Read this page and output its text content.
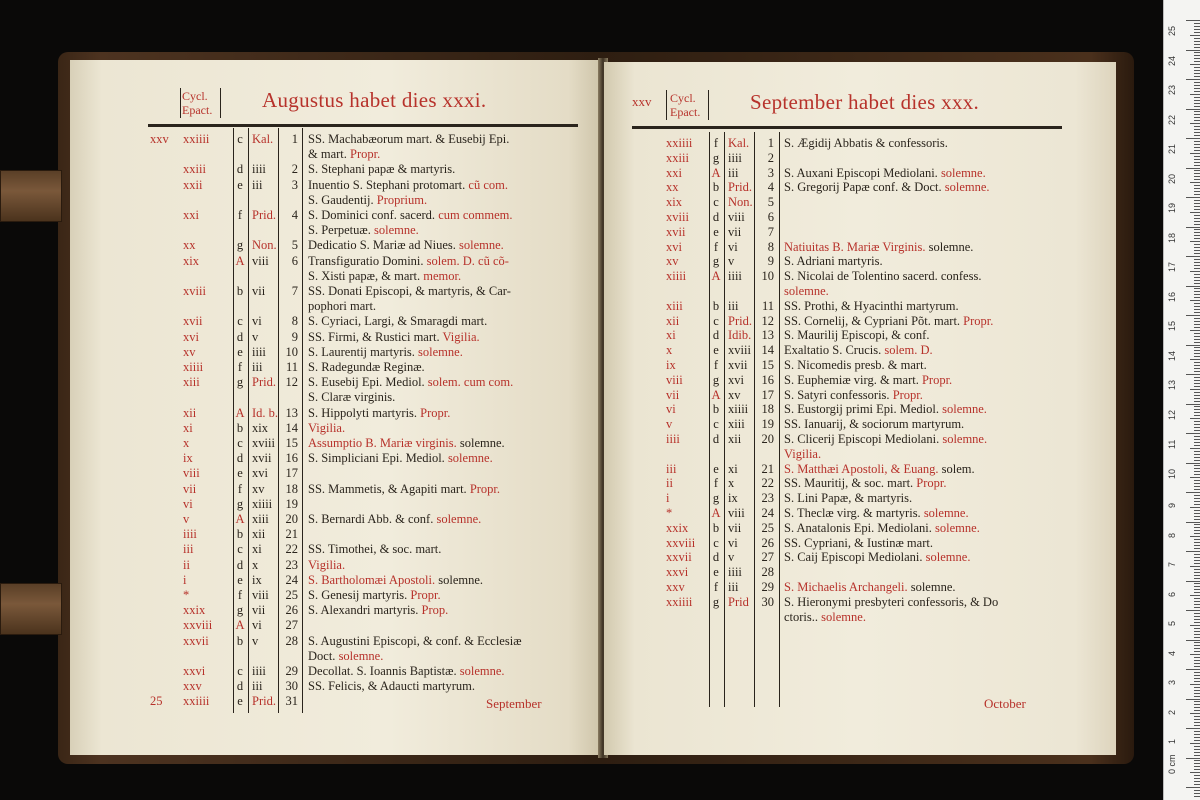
Cycl.
Epact. Augustus habet dies xxxi.
xxv xxiiii c Kal.	1 SS. Machabæorum mart. & Eusebij Epi.
& mart. Propr.
xxiii d iiii	2 S. Stephani papæ & martyris.
xxii	e iii	3 Inuentio S. Stephani protomart. cũ com.
S. Gaudentij. Proprium.
xxi	f Prid.	4 S. Dominici conf. sacerd. cum commem.
S. Perpetuæ. solemne.
xx	g Non.	5 Dedicatio S. Mariæ ad Niues. solemne.
xix	A viii	6 Transfiguratio Domini. solem. D. cũ cõ-
S. Xisti papæ, & mart. memor.
xviii b vii	7 SS. Donati Episcopi, & martyris, & Car-
pophori mart.
xvii	c vi	8 S. Cyriaci, Largi, & Smaragdi mart.
xvi	d v	9 SS. Firmi, & Rustici mart. Vigilia.
xv	e iiii 10 S. Laurentij martyris. solemne.
xiiii	f iii 11 S. Radegundæ Reginæ.
xiii	g Prid. 12 S. Eusebij Epi. Mediol. solem. cum com.
S. Claræ virginis.
xii	A Id. b. 13 S. Hippolyti martyris. Propr.
xi	b xix 14 Vigilia.
x	c xviii 15 Assumptio B. Mariæ virginis. solemne.
ix	d xvii 16 S. Simpliciani Epi. Mediol. solemne.
viii	e xvi 17
vii	f xv 18 SS. Mammetis, & Agapiti mart. Propr.
vi	g xiiii 19
v	A xiii 20 S. Bernardi Abb. & conf. solemne.
iiii	b xii 21
iii	c xi 22 SS. Timothei, & soc. mart.
ii	d x 23 Vigilia.
i	e ix 24 S. Bartholomæi Apostoli. solemne.
*	f viii 25 S. Genesij martyris. Propr.
xxix	g vii 26 S. Alexandri martyris. Prop.
xxviii A vi 27
xxvii b v 28 S. Augustini Episcopi, & conf. & Ecclesiæ
Doct. solemne.
xxvi	c iiii 29 Decollat. S. Ioannis Baptistæ. solemne.
xxv	d iii 30 SS. Felicis, & Adaucti martyrum.
25 xxiiii e Prid. 31	September
xxv Cycl.
Epact. September habet dies xxx.
xxiiii	f Kal.	1 S. Ægidij Abbatis & confessoris.
xxiii g iiii	2
xxi A iii	3 S. Auxani Episcopi Mediolani. solemne.
xx	b Prid.	4 S. Gregorij Papæ conf. & Doct. solemne.
xix c Non.	5
xviii d viii	6
xvii e vii	7
xvi	f vi	8 Natiuitas B. Mariæ Virginis. solemne.
xv	g v	9 S. Adriani martyris.
xiiii A iiii 10 S. Nicolai de Tolentino sacerd. confess.
solemne.
xiii b iii 11 SS. Prothi, & Hyacinthi martyrum.
xii	c Prid. 12 SS. Cornelij, & Cypriani Põt. mart. Propr.
xi	d Idib. 13 S. Maurilij Episcopi, & conf.
x	e xviii 14 Exaltatio S. Crucis. solem. D.
ix	f xvii 15 S. Nicomedis presb. & mart.
viii g xvi 16 S. Euphemiæ virg. & mart. Propr.
vii	A xv 17 S. Satyri confessoris. Propr.
vi	b xiiii 18 S. Eustorgij primi Epi. Mediol. solemne.
v	c xiii 19 SS. Ianuarij, & sociorum martyrum.
iiii	d xii 20 S. Clicerij Episcopi Mediolani. solemne.
Vigilia.
iii	e xi 21 S. Matthæi Apostoli, & Euang. solem.
ii	f x 22 SS. Mauritij, & soc. mart. Propr.
i	g ix 23 S. Lini Papæ, & martyris.
*	A viii 24 S. Theclæ virg. & martyris. solemne.
xxix b vii 25 S. Anatalonis Epi. Mediolani. solemne.
xxviii c vi 26 SS. Cypriani, & Iustinæ mart.
xxvii d v 27 S. Caij Episcopi Mediolani. solemne.
xxvi e iiii 28
xxv	f iii 29 S. Michaelis Archangeli. solemne.
xxiiii g Prid 30 S. Hieronymi presbyteri confessoris, & Do
ctoris.. solemne.
October
25
24
23
22
21
20
19
18
17
16
15
14
13
12
11
10
9
8
7
6
5
4
3
2
1
0 cm
